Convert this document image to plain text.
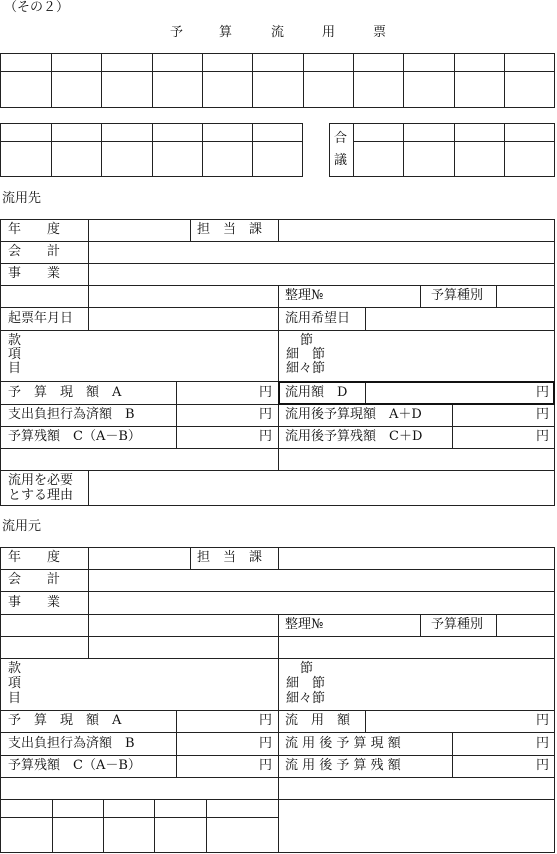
（その２）
予	算	流	用	票
合
議
流用先
年　　度	担　当　課
会　　計
事　　業
整理№	予算種別
起票年月日	流用希望日
款
項
目
節
細　節
細々節
予　算　現　額　A	円 流用額　D	円
支出負担行為済額　B	円 流用後予算現額　A＋D	円
予算残額　C（A－B）	円 流用後予算残額　C＋D	円
流用を必要
とする理由
流用元
年　　度	担　当　課
会　　計
事　　業
整理№	予算種別
款
項
目
節
細　節
細々節
予　算　現　額　A	円 流　用　額	円
支出負担行為済額　B	円 流 用 後 予 算 現 額	円
予算残額　C（A－B）	円 流 用 後 予 算 残 額	円
